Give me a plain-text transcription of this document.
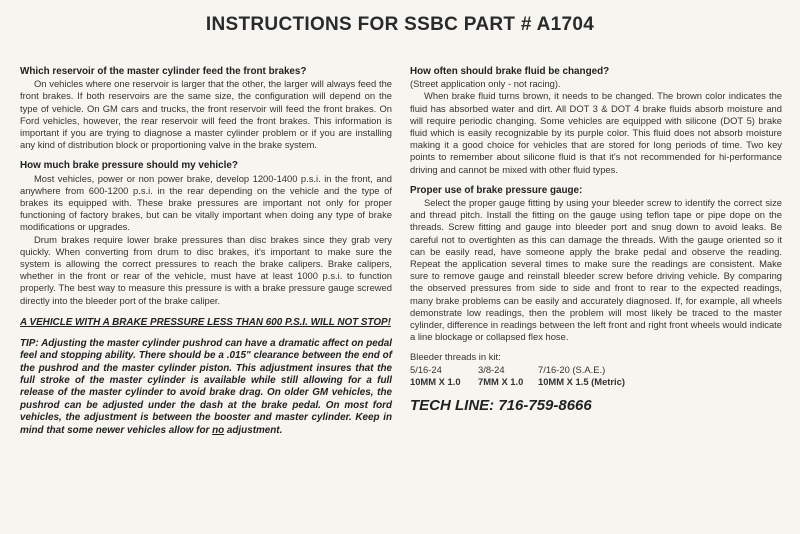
INSTRUCTIONS FOR SSBC PART # A1704

Which reservoir of the master cylinder feed the front brakes?

On vehicles where one reservoir is larger that the other, the larger will always feed the front brakes. If both reservoirs are the same size, the configuration will depend on the type of vehicle. On GM cars and trucks, the front reservoir will feed the front brakes. On Ford vehicles, however, the rear reservoir will feed the front brakes. This information is important if you are trying to diagnose a master cylinder problem or if you are installing any kind of distribution block or proportioning valve in the brake system.

How much brake pressure should my vehicle?

Most vehicles, power or non power brake, develop 1200-1400 p.s.i. in the front, and anywhere from 600-1200 p.s.i. in the rear depending on the vehicle and the type of brakes its equipped with. These brake pressures are important not only for proper functioning of factory brakes, but can be vitally important when doing any type of brake modifications or upgrades.

Drum brakes require lower brake pressures than disc brakes since they grab very quickly. When converting from drum to disc brakes, it's important to make sure the system is allowing the correct pressures to reach the brake calipers. Brake calipers, whether in the front or rear of the vehicle, must have at least 1000 p.s.i. to function properly. The best way to measure this pressure is with a brake pressure gauge screwed directly into the bleeder port of the brake caliper.

A VEHICLE WITH A BRAKE PRESSURE LESS THAN 600 P.S.I. WILL NOT STOP!

TIP: Adjusting the master cylinder pushrod can have a dramatic affect on pedal feel and stopping ability. There should be a .015" clearance between the end of the pushrod and the master cylinder piston. This adjustment insures that the full stroke of the master cylinder is available while still allowing for a full release of the master cylinder to avoid brake drag. On older GM vehicles, the pushrod can be adjusted under the dash at the brake pedal. On most ford vehicles, the adjustment is between the booster and master cylinder. Keep in mind that some newer vehicles allow for no adjustment.

How often should brake fluid be changed?

(Street application only - not racing).

When brake fluid turns brown, it needs to be changed. The brown color indicates the fluid has absorbed water and dirt. All DOT 3 & DOT 4 brake fluids absorb moisture and will require periodic changing. Some vehicles are equipped with silicone (DOT 5) brake fluid which is easily recognizable by its purple color. This fluid does not absorb moisture making it a good choice for vehicles that are stored for long periods of time. Two key points to remember about silicone fluid is that it's not recommended for hi-performance driving and cannot be mixed with other fluid types.

Proper use of brake pressure gauge:

Select the proper gauge fitting by using your bleeder screw to identify the correct size and thread pitch. Install the fitting on the gauge using teflon tape or pipe dope on the threads. Screw fitting and gauge into bleeder port and snug down to avoid leaks. Be careful not to overtighten as this can damage the threads. With the gauge oriented so it can be easily read, have someone apply the brake pedal and observe the reading. Repeat the application several times to make sure the readings are consistent. Make sure to remove gauge and reinstall bleeder screw before driving vehicle. By comparing the observed pressures from side to side and front to rear to the expected readings, many brake problems can be easily and accurately diagnosed. If, for example, all wheels demonstrate low readings, then the problem will most likely be traced to the master cylinder, difference in readings between the left front and right front wheels would indicate a line blockage or collapsed flex hose.

Bleeder threads in kit:

5/16-24	3/8-24	7/16-20 (S.A.E.)
10MM X 1.0	7MM X 1.0	10MM X 1.5 (Metric)
TECH LINE: 716-759-8666
